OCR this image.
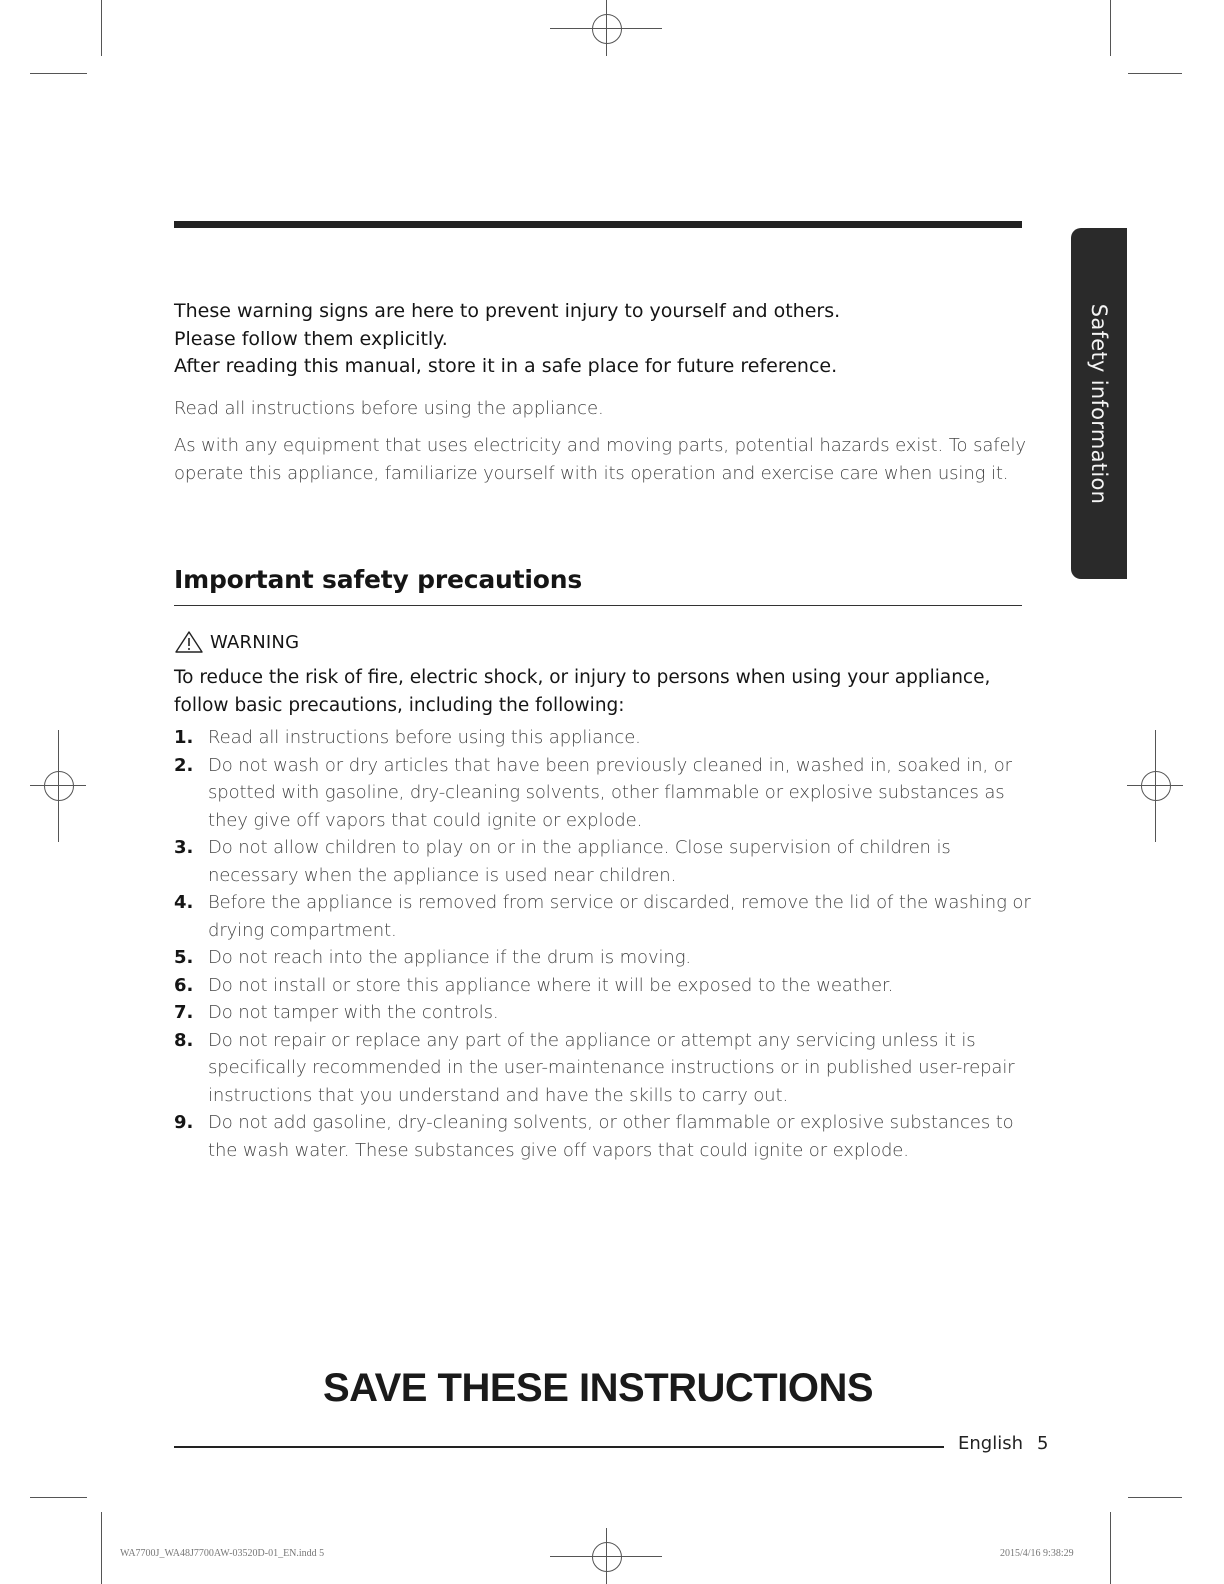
Safety information

These warning signs are here to prevent injury to yourself and others.

Please follow them explicitly.

After reading this manual, store it in a safe place for future reference.

Read all instructions before using the appliance.

As with any equipment that uses electricity and moving parts, potential hazards exist. To safely operate this appliance, familiarize yourself with its operation and exercise care when using it.

Important safety precautions
WARNING

To reduce the risk of fire, electric shock, or injury to persons when using your appliance, follow basic precautions, including the following:

1. Read all instructions before using this appliance.
2. Do not wash or dry articles that have been previously cleaned in, washed in, soaked in, or spotted with gasoline, dry-cleaning solvents, other flammable or explosive substances as they give off vapors that could ignite or explode.
3. Do not allow children to play on or in the appliance. Close supervision of children is necessary when the appliance is used near children.
4. Before the appliance is removed from service or discarded, remove the lid of the washing or drying compartment.
5. Do not reach into the appliance if the drum is moving.
6. Do not install or store this appliance where it will be exposed to the weather.
7. Do not tamper with the controls.
8. Do not repair or replace any part of the appliance or attempt any servicing unless it is specifically recommended in the user-maintenance instructions or in published user-repair instructions that you understand and have the skills to carry out.
9. Do not add gasoline, dry-cleaning solvents, or other flammable or explosive substances to the wash water. These substances give off vapors that could ignite or explode.
SAVE THESE INSTRUCTIONS
English 5
WA7700J_WA48J7700AW-03520D-01_EN.indd 5	2015/4/16 9:38:29
